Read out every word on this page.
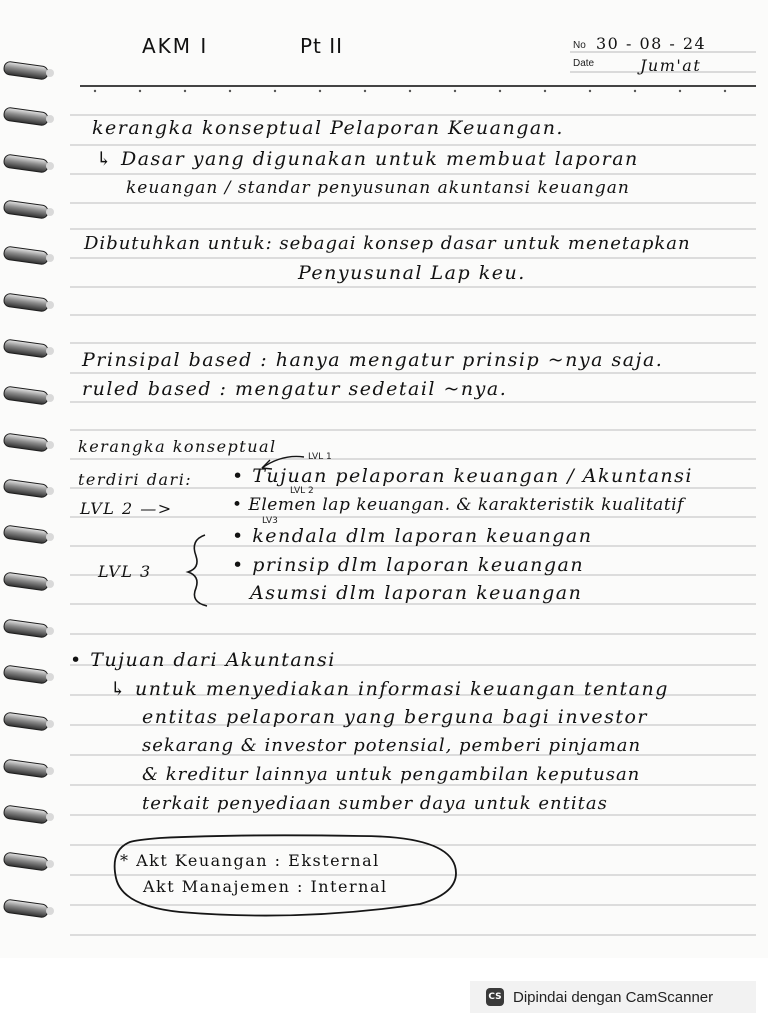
AKM I	Pt II	No 30 - 08 - 24
Date	Jum'at
kerangka konseptual Pelaporan Keuangan.
↳ Dasar yang digunakan untuk membuat laporan
keuangan / standar penyusunan akuntansi keuangan
Dibutuhkan untuk: sebagai konsep dasar untuk menetapkan
Penyusunal Lap keu.
Prinsipal based : hanya mengatur prinsip ~nya saja.
ruled based : mengatur sedetail ~nya.
kerangka konseptual
LVL 1
terdiri dari: • Tujuan pelaporan keuangan / Akuntansi
LVL 2
LVL 2 —>	• Elemen lap keuangan. & karakteristik kualitatif
LV3
• kendala dlm laporan keuangan
LVL 3	• prinsip dlm laporan keuangan
Asumsi dlm laporan keuangan
• Tujuan dari Akuntansi
↳ untuk menyediakan informasi keuangan tentang
entitas pelaporan yang berguna bagi investor
sekarang & investor potensial, pemberi pinjaman
& kreditur lainnya untuk pengambilan keputusan
terkait penyediaan sumber daya untuk entitas
* Akt Keuangan : Eksternal
Akt Manajemen : Internal
CS Dipindai dengan CamScanner
